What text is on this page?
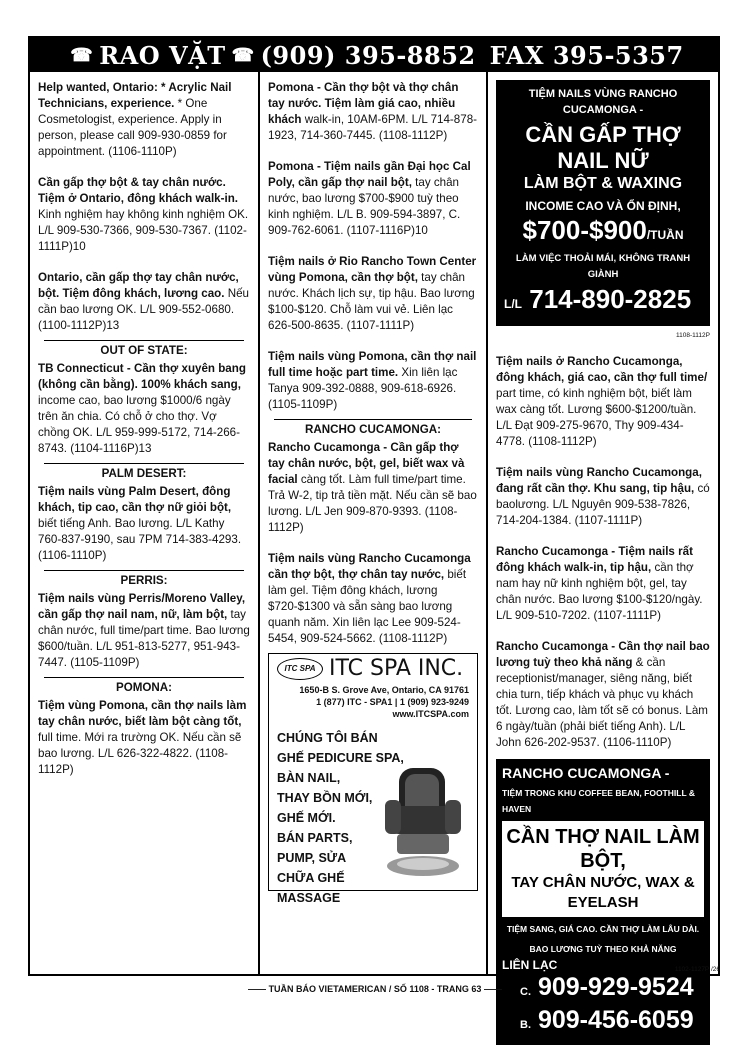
☎ RAO VẶT ☎ (909) 395-8852 FAX 395-5357
Help wanted, Ontario: * Acrylic Nail Technicians, experience. * One Cosmetologist, experience. Apply in person, please call 909-930-0859 for appointment. (1106-1110P)
Cần gấp thợ bột & tay chân nước. Tiệm ở Ontario, đông khách walk-in. Kinh nghiệm hay không kinh nghiệm OK. L/L 909-530-7366, 909-530-7367. (1102-1111P)10
Ontario, cần gấp thợ tay chân nước, bột. Tiệm đông khách, lương cao. Nếu cần bao lương OK. L/L 909-552-0680. (1100-1112P)13
OUT OF STATE:
TB Connecticut - Cần thợ xuyên bang (không cần bằng). 100% khách sang, income cao, bao lương $1000/6 ngày trên ăn chia. Có chỗ ở cho thợ. Vợ chồng OK. L/L 959-999-5172, 714-266-8743. (1104-1116P)13
PALM DESERT:
Tiệm nails vùng Palm Desert, đông khách, tip cao, cần thợ nữ giỏi bột, biết tiếng Anh. Bao lương. L/L Kathy 760-837-9190, sau 7PM 714-383-4293. (1106-1110P)
PERRIS:
Tiệm nails vùng Perris/Moreno Valley, cần gấp thợ nail nam, nữ, làm bột, tay chân nước, full time/part time. Bao lương $600/tuần. L/L 951-813-5277, 951-943-7447. (1105-1109P)
POMONA:
Tiệm vùng Pomona, cần thợ nails làm tay chân nước, biết làm bột càng tốt, full time. Mới ra trường OK. Nếu cần sẽ bao lương. L/L 626-322-4822. (1108-1112P)
Pomona - Cần thợ bột và thợ chân tay nước. Tiệm làm giá cao, nhiều khách walk-in, 10AM-6PM. L/L 714-878-1923, 714-360-7445. (1108-1112P)
Pomona - Tiệm nails gần Đại học Cal Poly, cần gấp thợ nail bột, tay chân nước, bao lương $700-$900 tuỳ theo kinh nghiệm. L/L B. 909-594-3897, C. 909-762-6061. (1107-1116P)10
Tiệm nails ở Rio Rancho Town Center vùng Pomona, cần thợ bột, tay chân nước. Khách lịch sự, tip hậu. Bao lương $100-$120. Chỗ làm vui vẻ. Liên lạc 626-500-8635. (1107-1111P)
Tiệm nails vùng Pomona, cần thợ nail full time hoặc part time. Xin liên lạc Tanya 909-392-0888, 909-618-6926. (1105-1109P)
RANCHO CUCAMONGA:
Rancho Cucamonga - Cần gấp thợ tay chân nước, bột, gel, biết wax và facial càng tốt. Làm full time/part time. Trả W-2, tip trả tiền mặt. Nếu cần sẽ bao lương. L/L Jen 909-870-9393. (1108-1112P)
Tiệm nails vùng Rancho Cucamonga cần thợ bột, thợ chân tay nước, biết làm gel. Tiệm đông khách, lương $720-$1300 và sẵn sàng bao lương quanh năm. Xin liên lạc Lee 909-524-5454, 909-524-5662. (1108-1112P)
ITC SPA ITC SPA INC.
1650-B S. Grove Ave, Ontario, CA 91761
1 (877) ITC - SPA1 | 1 (909) 923-9249
www.ITCSPA.com
CHÚNG TÔI BÁN
GHẾ PEDICURE SPA,
BÀN NAIL,
THAY BỒN MỚI,
GHẾ MỚI.
BÁN PARTS,
PUMP, SỬA
CHỮA GHẾ
MASSAGE
TIỆM NAILS VÙNG RANCHO CUCAMONGA -
CẦN GẤP THỢ NAIL NỮ
LÀM BỘT & WAXING
INCOME CAO VÀ ỔN ĐỊNH,
$700-$900/TUẦN
LÀM VIỆC THOẢI MÁI, KHÔNG TRANH GIÀNH
L/L 714-890-2825
1108-1112P
Tiệm nails ở Rancho Cucamonga, đông khách, giá cao, cần thợ full time/ part time, có kinh nghiệm bột, biết làm wax càng tốt. Lương $600-$1200/tuần. L/L Đạt 909-275-9670, Thy 909-434-4778. (1108-1112P)
Tiệm nails vùng Rancho Cucamonga, đang rất cần thợ. Khu sang, tip hậu, có baolương. L/L Nguyên 909-538-7826, 714-204-1384. (1107-1111P)
Rancho Cucamonga - Tiệm nails rất đông khách walk-in, tip hậu, cần thợ nam hay nữ kinh nghiệm bột, gel, tay chân nước. Bao lương $100-$120/ngày. L/L 909-510-7202. (1107-1111P)
Rancho Cucamonga - Cần thợ nail bao lương tuỳ theo khả năng & cần receptionist/manager, siêng năng, biết chia turn, tiếp khách và phục vụ khách tốt. Lương cao, làm tốt sẽ có bonus. Làm 6 ngày/tuần (phải biết tiếng Anh). L/L John 626-202-9537. (1106-1110P)
RANCHO CUCAMONGA -
TIỆM TRONG KHU COFFEE BEAN, FOOTHILL & HAVEN
CẦN THỢ NAIL LÀM BỘT,
TAY CHÂN NƯỚC, WAX & EYELASH
TIỆM SANG, GIÁ CAO. CẦN THỢ LÀM LÂU DÀI.
BAO LƯƠNG TUỲ THEO KHẢ NĂNG
LIÊN LẠC
C. 909-929-9524
B. 909-456-6059
1102-1127P /26
—— TUẦN BÁO VIETAMERICAN / SỐ 1108 - TRANG 63 ——
